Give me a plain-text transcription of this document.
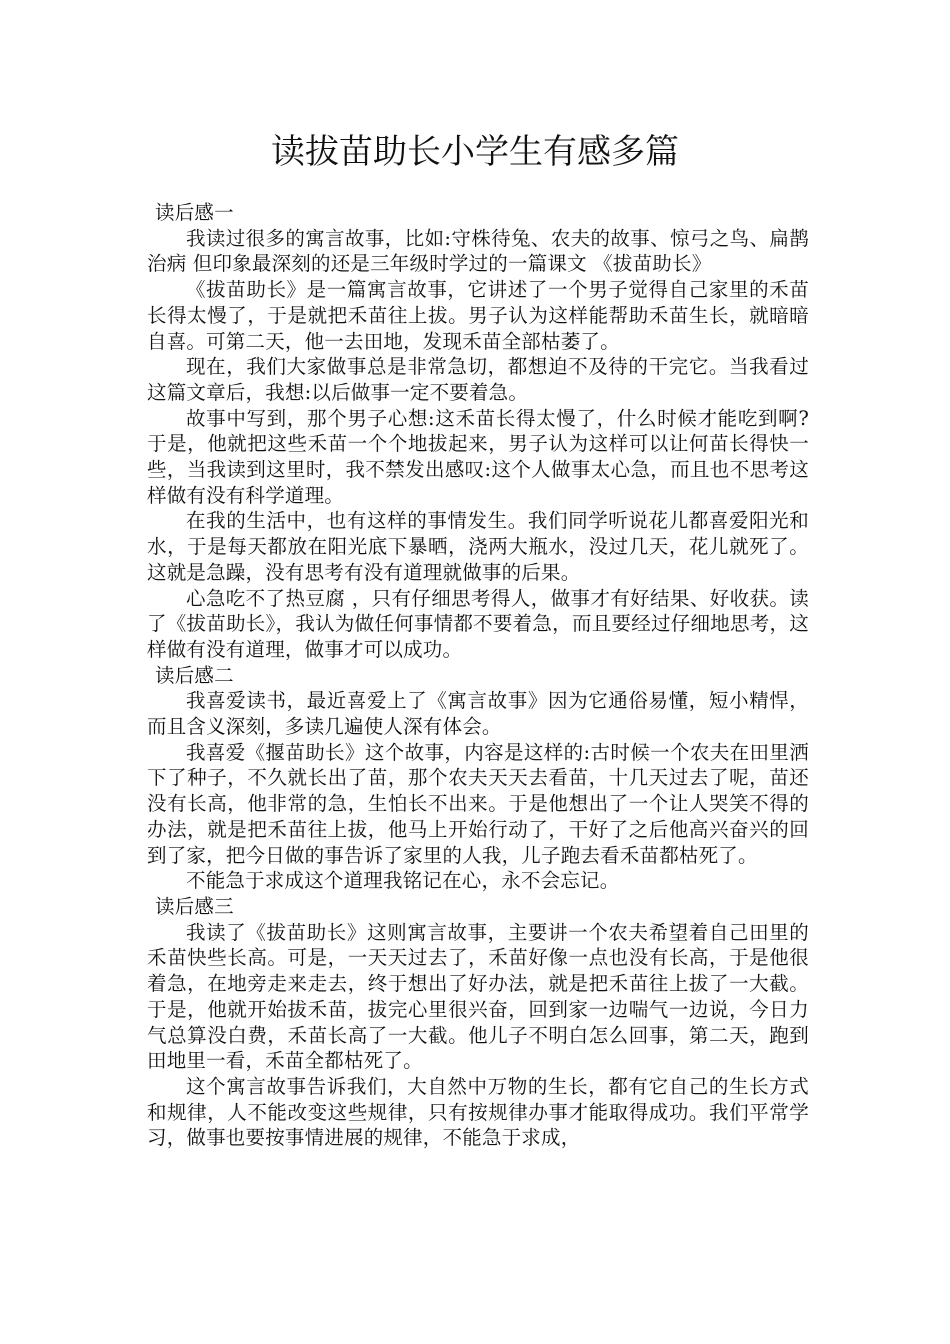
读拔苗助长小学生有感多篇

读后感一

我读过很多的寓言故事，比如:守株待兔、农夫的故事、惊弓之鸟、扁鹊治病 但印象最深刻的还是三年级时学过的一篇课文 《拔苗助长》

《拔苗助长》是一篇寓言故事，它讲述了一个男子觉得自己家里的禾苗长得太慢了，于是就把禾苗往上拔。男子认为这样能帮助禾苗生长，就暗暗自喜。可第二天，他一去田地，发现禾苗全部枯萎了。

现在，我们大家做事总是非常急切，都想迫不及待的干完它。当我看过这篇文章后，我想:以后做事一定不要着急。

故事中写到，那个男子心想:这禾苗长得太慢了，什么时候才能吃到啊?于是，他就把这些禾苗一个个地拔起来，男子认为这样可以让何苗长得快一些，当我读到这里时，我不禁发出感叹:这个人做事太心急，而且也不思考这样做有没有科学道理。

在我的生活中，也有这样的事情发生。我们同学听说花儿都喜爱阳光和水，于是每天都放在阳光底下暴晒，浇两大瓶水，没过几天，花儿就死了。这就是急躁，没有思考有没有道理就做事的后果。

心急吃不了热豆腐 ，只有仔细思考得人，做事才有好结果、好收获。读了《拔苗助长》，我认为做任何事情都不要着急，而且要经过仔细地思考，这样做有没有道理，做事才可以成功。

读后感二

我喜爱读书，最近喜爱上了《寓言故事》因为它通俗易懂，短小精悍，而且含义深刻，多读几遍使人深有体会。

我喜爱《揠苗助长》这个故事，内容是这样的:古时候一个农夫在田里洒下了种子，不久就长出了苗，那个农夫天天去看苗，十几天过去了呢，苗还没有长高，他非常的急，生怕长不出来。于是他想出了一个让人哭笑不得的办法，就是把禾苗往上拔，他马上开始行动了，干好了之后他高兴奋兴的回到了家，把今日做的事告诉了家里的人我，儿子跑去看禾苗都枯死了。

不能急于求成这个道理我铭记在心，永不会忘记。

读后感三

我读了《拔苗助长》这则寓言故事，主要讲一个农夫希望着自己田里的禾苗快些长高。可是，一天天过去了，禾苗好像一点也没有长高，于是他很着急，在地旁走来走去，终于想出了好办法，就是把禾苗往上拔了一大截。于是，他就开始拔禾苗，拔完心里很兴奋，回到家一边喘气一边说，今日力气总算没白费，禾苗长高了一大截。他儿子不明白怎么回事，第二天，跑到田地里一看，禾苗全都枯死了。

这个寓言故事告诉我们，大自然中万物的生长，都有它自己的生长方式和规律，人不能改变这些规律，只有按规律办事才能取得成功。我们平常学习，做事也要按事情进展的规律，不能急于求成，
